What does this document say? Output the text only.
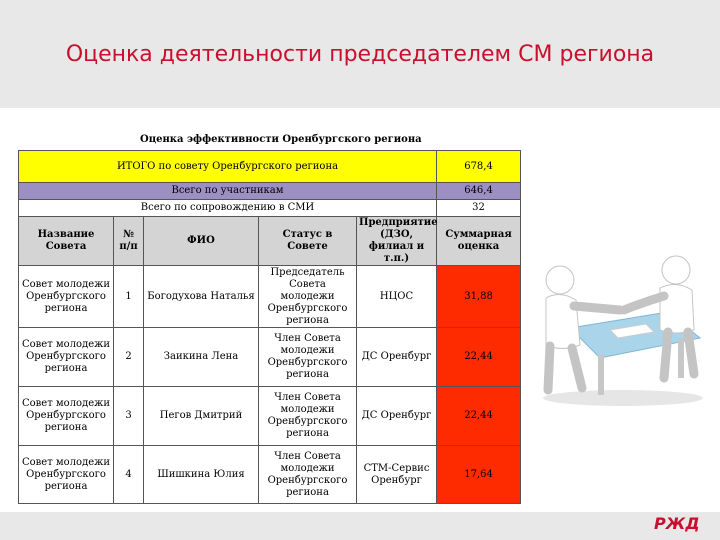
Оценка деятельности председателем СМ региона
Оценка эффективности Оренбургского региона
ИТОГО по совету Оренбургского региона					678,4
Всего по участникам					646,4
Всего по сопровождению в СМИ					32
Название Совета	№ п/п	ФИО	Статус в Совете	Предприятие (ДЗО, филиал и т.п.)	Суммарная оценка
Совет молодежи Оренбургского региона	1	Богодухова Наталья	Председатель Совета молодежи Оренбургского региона	НЦОС	31,88
Совет молодежи Оренбургского региона	2	Заикина Лена	Член Совета молодежи Оренбургского региона	ДС Оренбург	22,44
Совет молодежи Оренбургского региона	3	Пегов Дмитрий	Член Совета молодежи Оренбургского региона	ДС Оренбург	22,44
Совет молодежи Оренбургского региона	4	Шишкина Юлия	Член Совета молодежи Оренбургского региона	СТМ-Сервис Оренбург	17,64
РЖД
